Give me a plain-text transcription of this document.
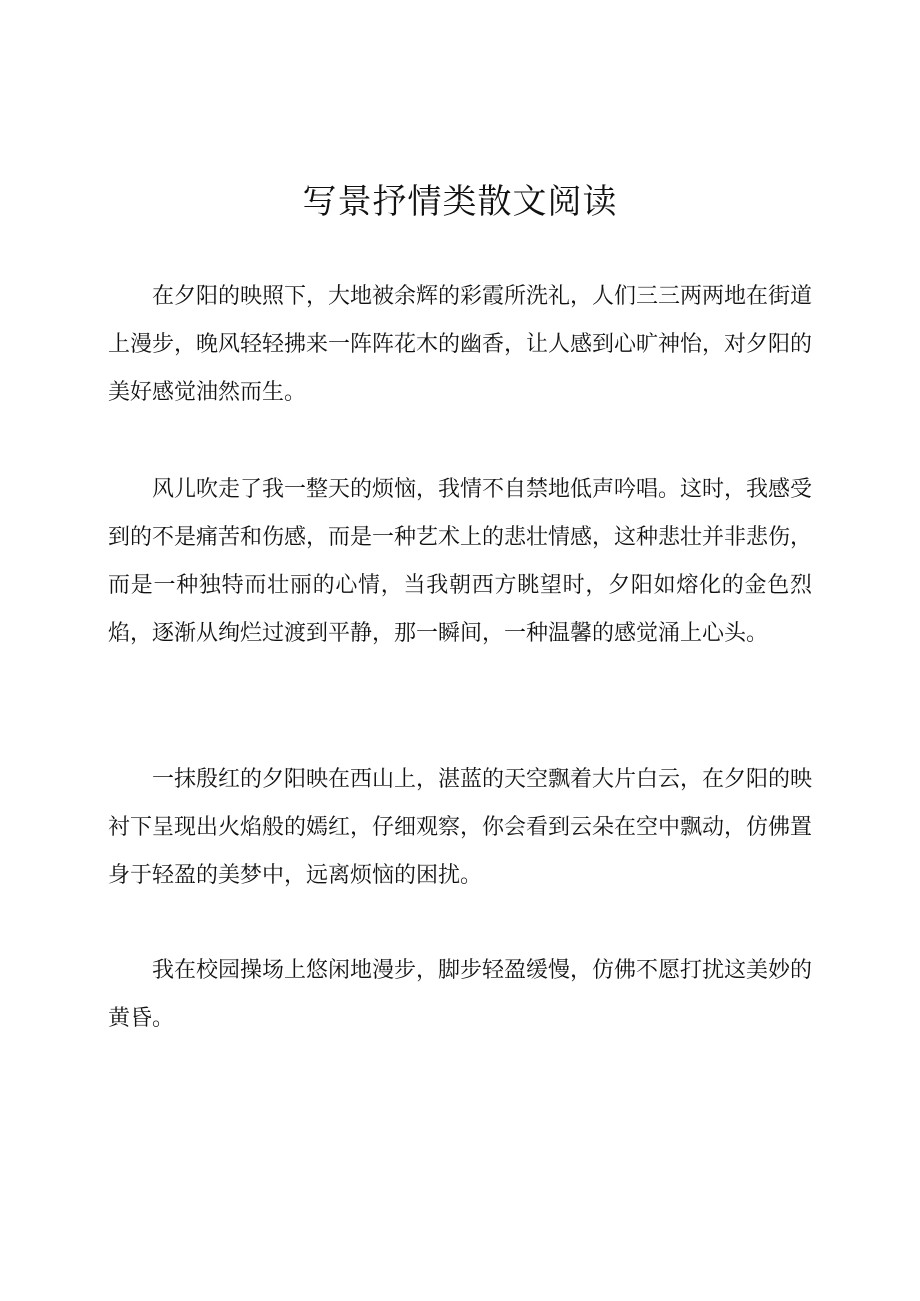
写景抒情类散文阅读

在夕阳的映照下，大地被余辉的彩霞所洗礼，人们三三两两地在街道上漫步，晚风轻轻拂来一阵阵花木的幽香，让人感到心旷神怡，对夕阳的美好感觉油然而生。

风儿吹走了我一整天的烦恼，我情不自禁地低声吟唱。这时，我感受到的不是痛苦和伤感，而是一种艺术上的悲壮情感，这种悲壮并非悲伤，而是一种独特而壮丽的心情，当我朝西方眺望时，夕阳如熔化的金色烈焰，逐渐从绚烂过渡到平静，那一瞬间，一种温馨的感觉涌上心头。

一抹殷红的夕阳映在西山上，湛蓝的天空飘着大片白云，在夕阳的映衬下呈现出火焰般的嫣红，仔细观察，你会看到云朵在空中飘动，仿佛置身于轻盈的美梦中，远离烦恼的困扰。

我在校园操场上悠闲地漫步，脚步轻盈缓慢，仿佛不愿打扰这美妙的黄昏。
